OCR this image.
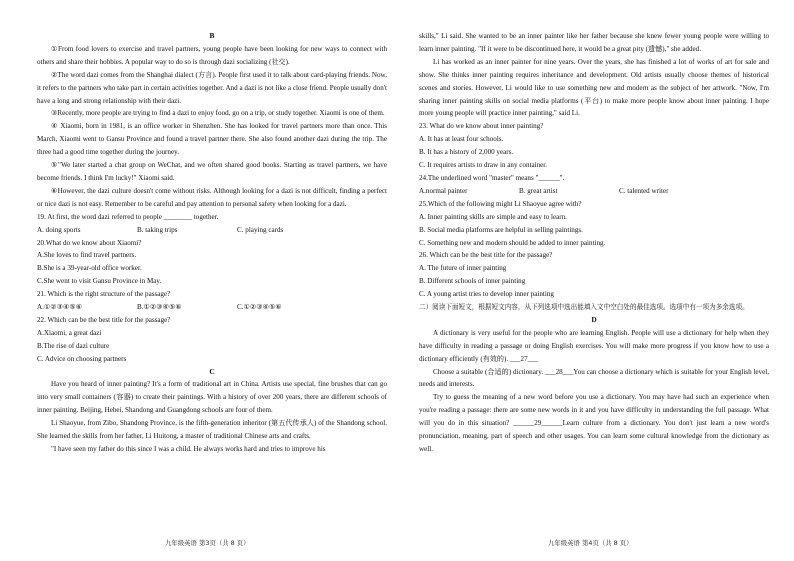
B

①From food lovers to exercise and travel partners, young people have been looking for new ways to connect with others and share their hobbies. A popular way to do so is through dazi socializing (社交).

②The word dazi comes from the Shanghai dialect (方言). People first used it to talk about card-playing friends. Now, it refers to the partners who take part in certain activities together. And a dazi is not like a close friend. People usually don't have a long and strong relationship with their dazi.

③Recently, more people are trying to find a dazi to enjoy food, go on a trip, or study together. Xiaomi is one of them.

④ Xiaomi, born in 1981, is an office worker in Shenzhen. She has looked for travel partners more than once. This March, Xiaomi went to Gansu Province and found a travel partner there. She also found another dazi during the trip. The three had a good time together during the journey.

⑤"We later started a chat group on WeChat, and we often shared good books. Starting as travel partners, we have become friends. I think I'm lucky!" Xiaomi said.

⑥However, the dazi culture doesn't come without risks. Although looking for a dazi is not difficult, finding a perfect or nice dazi is not easy. Remember to be careful and pay attention to personal safety when looking for a dazi.

19. At first, the word dazi referred to people ________ together.

A. doing sports	B. taking trips	C. playing cards

20.What do we know about Xiaomi?

A.She loves to find travel partners.

B.She is a 39-year-old office worker.

C.She went to visit Gansu Province in May.

21. Which is the right structure of the passage?

A.①②③④⑤⑥	B.①②③④⑤⑥	C.①②③④⑤⑥

22. Which can be the best title for the passage?

A.Xiaomi, a great dazi

B.The rise of dazi culture

C. Advice on choosing partners

C

Have you heard of inner painting? It's a form of traditional art in China. Artists use special, fine brushes that can go into very small containers (容器) to create their paintings. With a history of over 200 years, there are different schools of inner painting. Beijing, Hebei, Shandong and Guangdong schools are four of them.

Li Shaoyue, from Zibo, Shandong Province, is the fifth-generation inheritor (第五代传承人) of the Shandong school. She learned the skills from her father, Li Huitong, a master of traditional Chinese arts and crafts.

"I have seen my father do this since I was a child. He always works hard and tries to improve his

skills," Li said. She wanted to be an inner painter like her father because she knew fewer young people were willing to learn inner painting. "If it were to be discontinued here, it would be a great pity (遗憾)," she added.

Li has worked as an inner painter for nine years. Over the years, she has finished a lot of works of art for sale and show. She thinks inner painting requires inheritance and development. Old artists usually choose themes of historical scenes and stories. However, Li would like to use something new and modern as the subject of her artwork. "Now, I'm sharing inner painting skills on social media platforms (平台) to make more people know about inner painting. I hope more young people will practice inner painting," said Li.

23. What do we know about inner painting?

A. It has at least four schools.

B. It has a history of 2,000 years.

C. It requires artists to draw in any container.

24.The underlined word "master" means "______".

A.normal painter	B. great artist	C. talented writer

25.Which of the following might Li Shaoyue agree with?

A. Inner painting skills are simple and easy to learn.

B. Social media platforms are helpful in selling paintings.

C. Something new and modern should be added to inner painting.

26. Which can be the best title for the passage?

A. The future of inner painting

B. Different schools of inner painting

C. A young artist tries to develop inner painting

二）阅读下面短文，根据短文内容，从下列选项中选出能填入文中空白处的最佳选项。选项中有一项为多余选项。

D

A dictionary is very useful for the people who are learning English. People will use a dictionary for help when they have difficulty in reading a passage or doing English exercises. You will make more progress if you know how to use a dictionary efficiently (有效的). ___27___

Choose a suitable (合适的) dictionary. ___28___You can choose a dictionary which is suitable for your English level, needs and interests.

Try to guess the meaning of a new word before you use a dictionary. You may have had such an experience when you're reading a passage: there are some new words in it and you have difficulty in understanding the full passage. What will you do in this situation? ______29______Learn culture from a dictionary. You don't just learn a new word's pronunciation, meaning, part of speech and other usages. You can learn some cultural knowledge from the dictionary as well.

九年级英语 第3页（共 8 页）	九年级英语 第4页（共 8 页）
